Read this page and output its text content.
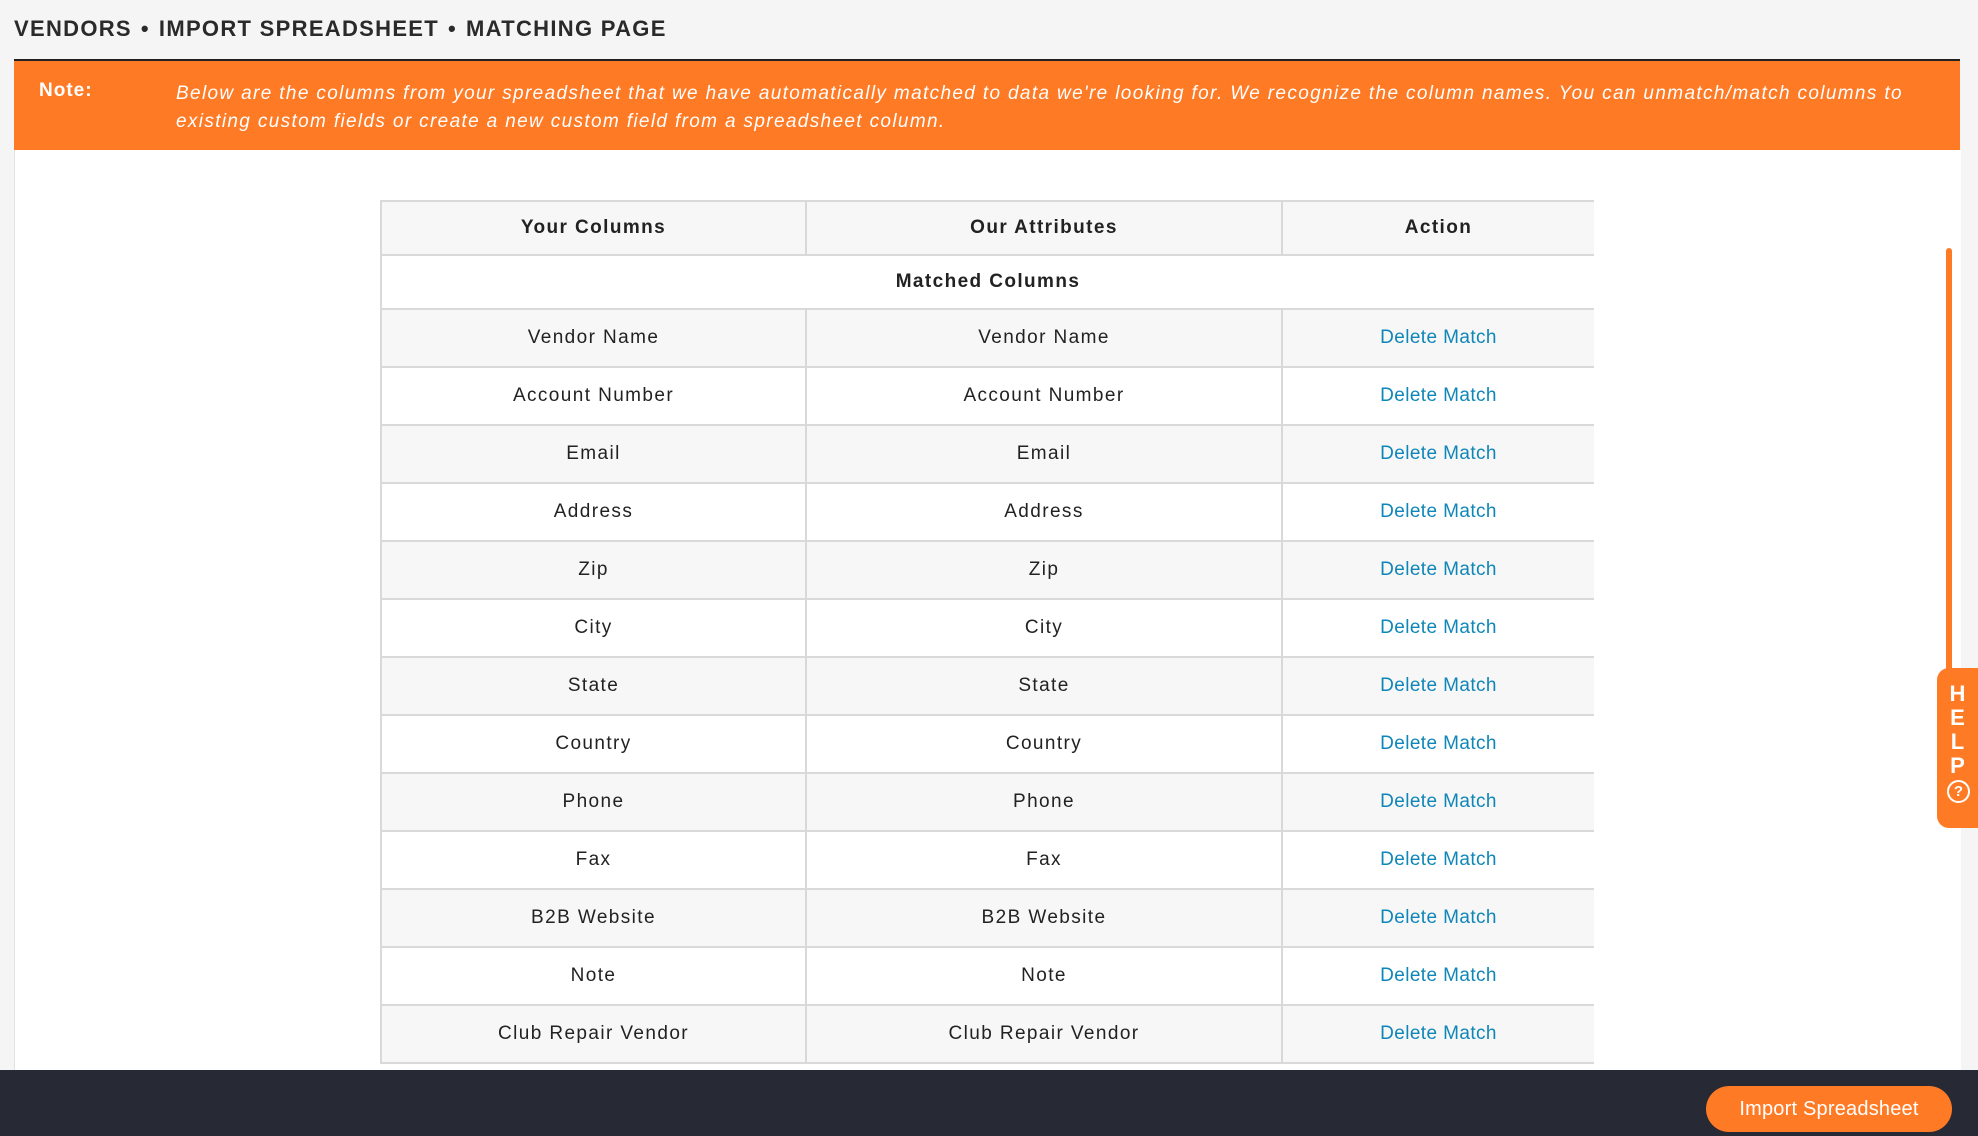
VENDORS • IMPORT SPREADSHEET • MATCHING PAGE
Note:	Below are the columns from your spreadsheet that we have automatically matched to data we're looking for. We recognize the column names. You can unmatch/match columns to existing custom fields or create a new custom field from a spreadsheet column.
Your Columns	Our Attributes	Action
Matched Columns		
Vendor Name	Vendor Name	Delete Match
Account Number	Account Number	Delete Match
Email	Email	Delete Match
Address	Address	Delete Match
Zip	Zip	Delete Match
City	City	Delete Match
State	State	Delete Match
Country	Country	Delete Match
Phone	Phone	Delete Match
Fax	Fax	Delete Match
B2B Website	B2B Website	Delete Match
Note	Note	Delete Match
Club Repair Vendor	Club Repair Vendor	Delete Match
H
E
L
P
?
Import Spreadsheet
